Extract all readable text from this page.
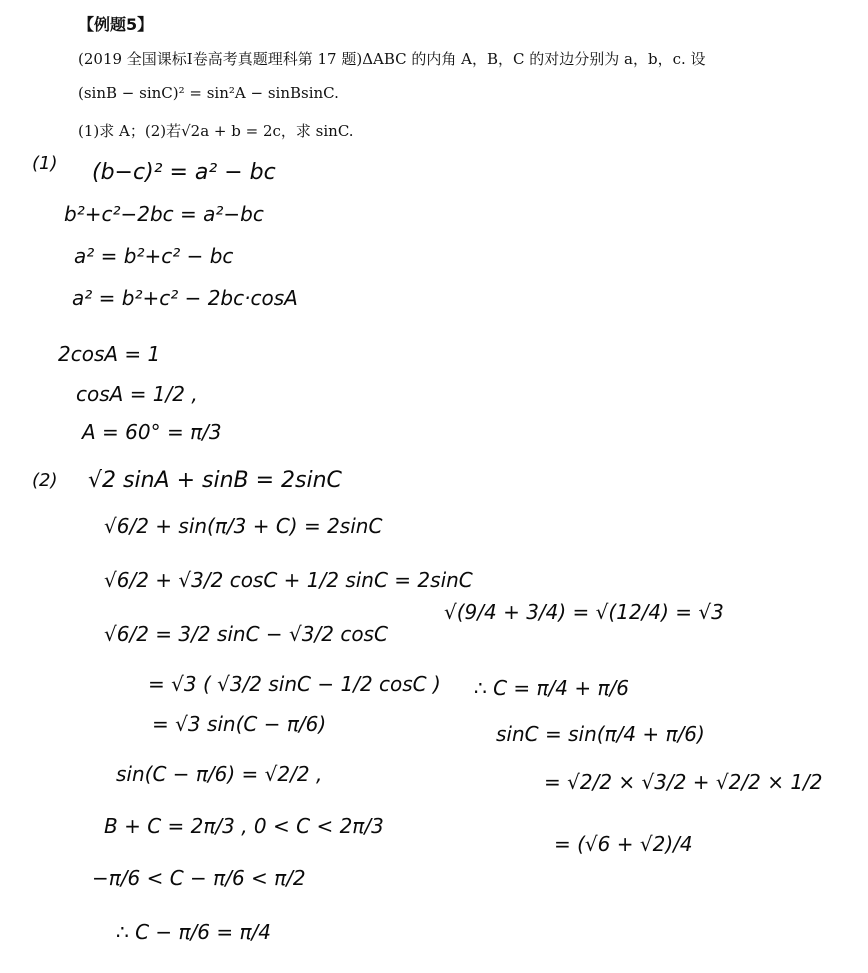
【例题5】
(2019 全国课标Ⅰ卷高考真题理科第 17 题)ΔABC 的内角 A，B，C 的对边分别为 a，b，c. 设
(sinB − sinC)² = sin²A − sinBsinC.
(1)求 A；(2)若√2a + b = 2c，求 sinC.
(1) (b−c)² = a² − bc
b²+c²−2bc = a²−bc
a² = b²+c² − bc
a² = b²+c² − 2bc·cosA
2cosA = 1
cosA = 1/2 ,
A = 60° = π/3
(2) √2 sinA + sinB = 2sinC
√6/2 + sin(π/3 + C) = 2sinC
√6/2 + √3/2 cosC + 1/2 sinC = 2sinC
√6/2 = 3/2 sinC − √3/2 cosC
= √3 ( √3/2 sinC − 1/2 cosC )
= √3 sin(C − π/6)
sin(C − π/6) = √2/2 ,
B + C = 2π/3 , 0 < C < 2π/3
−π/6 < C − π/6 < π/2
∴ C − π/6 = π/4
√(9/4 + 3/4) = √(12/4) = √3
∴ C = π/4 + π/6
sinC = sin(π/4 + π/6)
= √2/2 × √3/2 + √2/2 × 1/2
= (√6 + √2)/4
